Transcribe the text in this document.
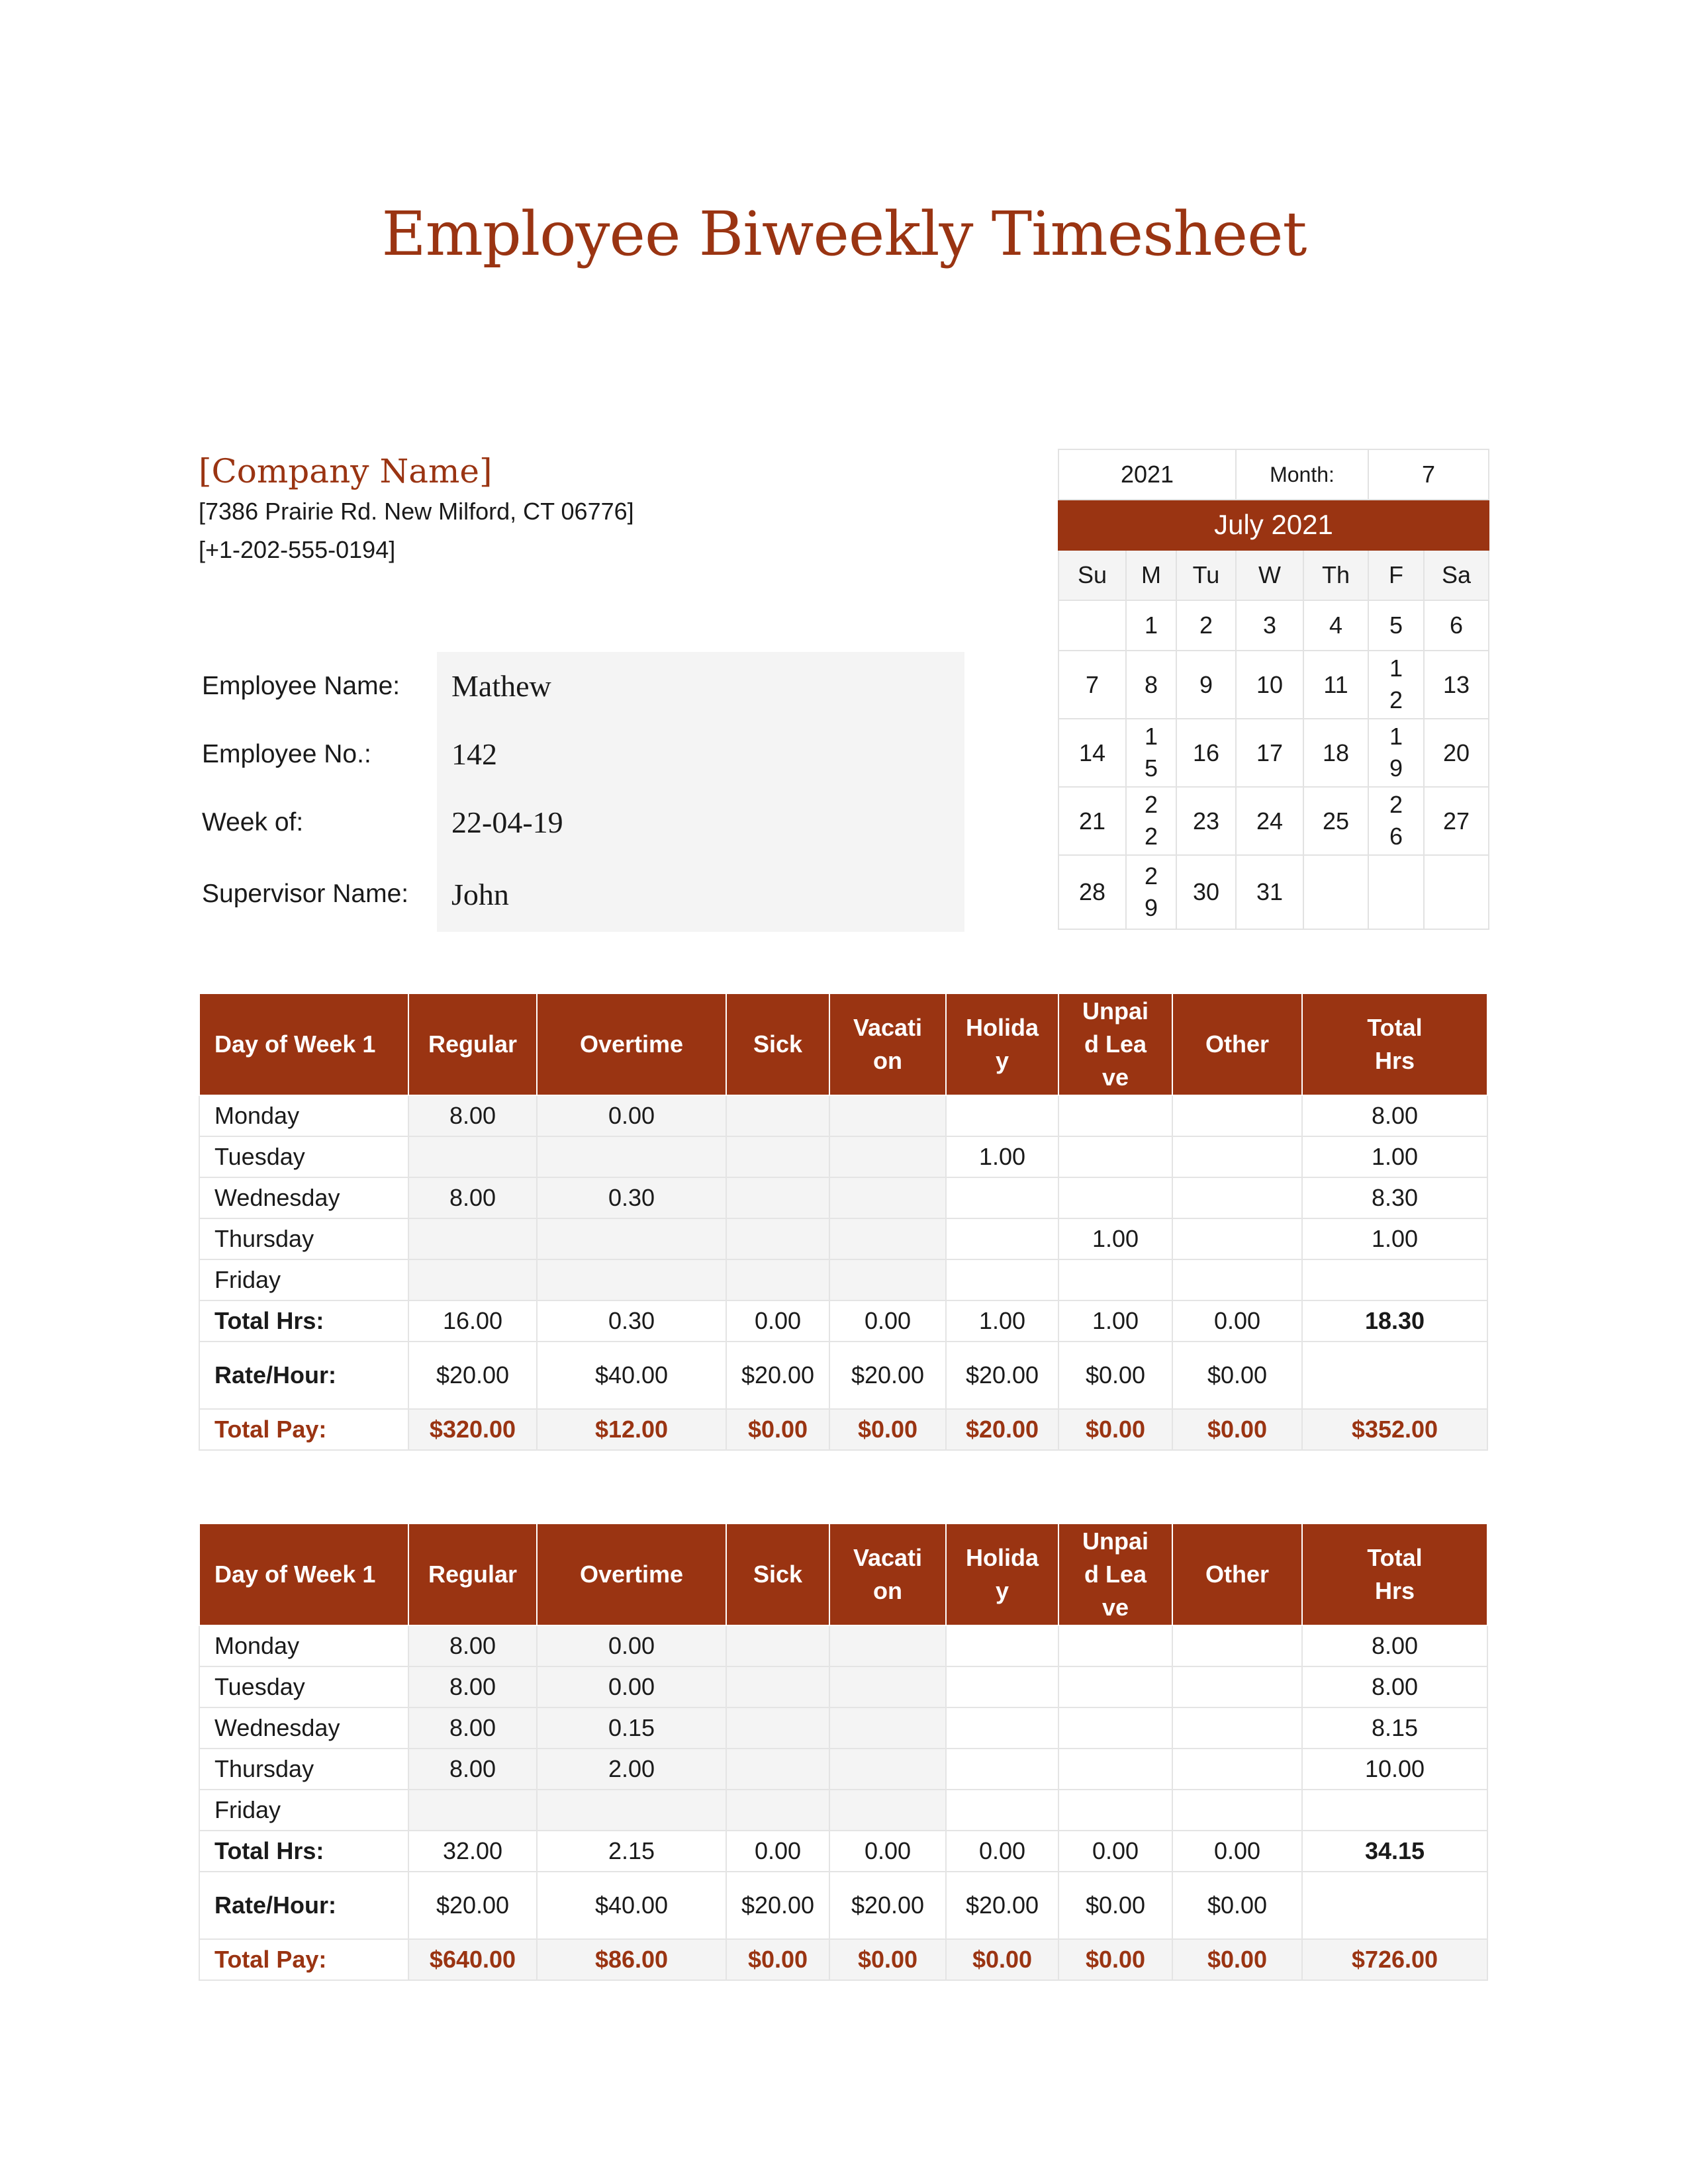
Employee Biweekly Timesheet
[Company Name]
[7386 Prairie Rd. New Milford, CT 06776]
[+1-202-555-0194]
Employee Name:	Mathew
Employee No.:	142
Week of:	22-04-19
Supervisor Name:	John
2021			Month:		7	
July 2021						
Su	M	Tu	W	Th	F	Sa
	1	2	3	4	5	6
7	8	9	10	11	12	13
14	15	16	17	18	19	20
21	22	23	24	25	26	27
28	29	30	31			
Day of Week 1	Regular	Overtime	Sick	Vacation	Holiday	Unpaid Leave	Other	Total Hrs
Monday	8.00	0.00						8.00
Tuesday					1.00			1.00
Wednesday	8.00	0.30						8.30
Thursday						1.00		1.00
Friday								
Total Hrs:	16.00	0.30	0.00	0.00	1.00	1.00	0.00	18.30
Rate/Hour:	$20.00	$40.00	$20.00	$20.00	$20.00	$0.00	$0.00	
Total Pay:	$320.00	$12.00	$0.00	$0.00	$20.00	$0.00	$0.00	$352.00
Day of Week 1	Regular	Overtime	Sick	Vacation	Holiday	Unpaid Leave	Other	Total Hrs
Monday	8.00	0.00						8.00
Tuesday	8.00	0.00						8.00
Wednesday	8.00	0.15						8.15
Thursday	8.00	2.00						10.00
Friday								
Total Hrs:	32.00	2.15	0.00	0.00	0.00	0.00	0.00	34.15
Rate/Hour:	$20.00	$40.00	$20.00	$20.00	$20.00	$0.00	$0.00	
Total Pay:	$640.00	$86.00	$0.00	$0.00	$0.00	$0.00	$0.00	$726.00
